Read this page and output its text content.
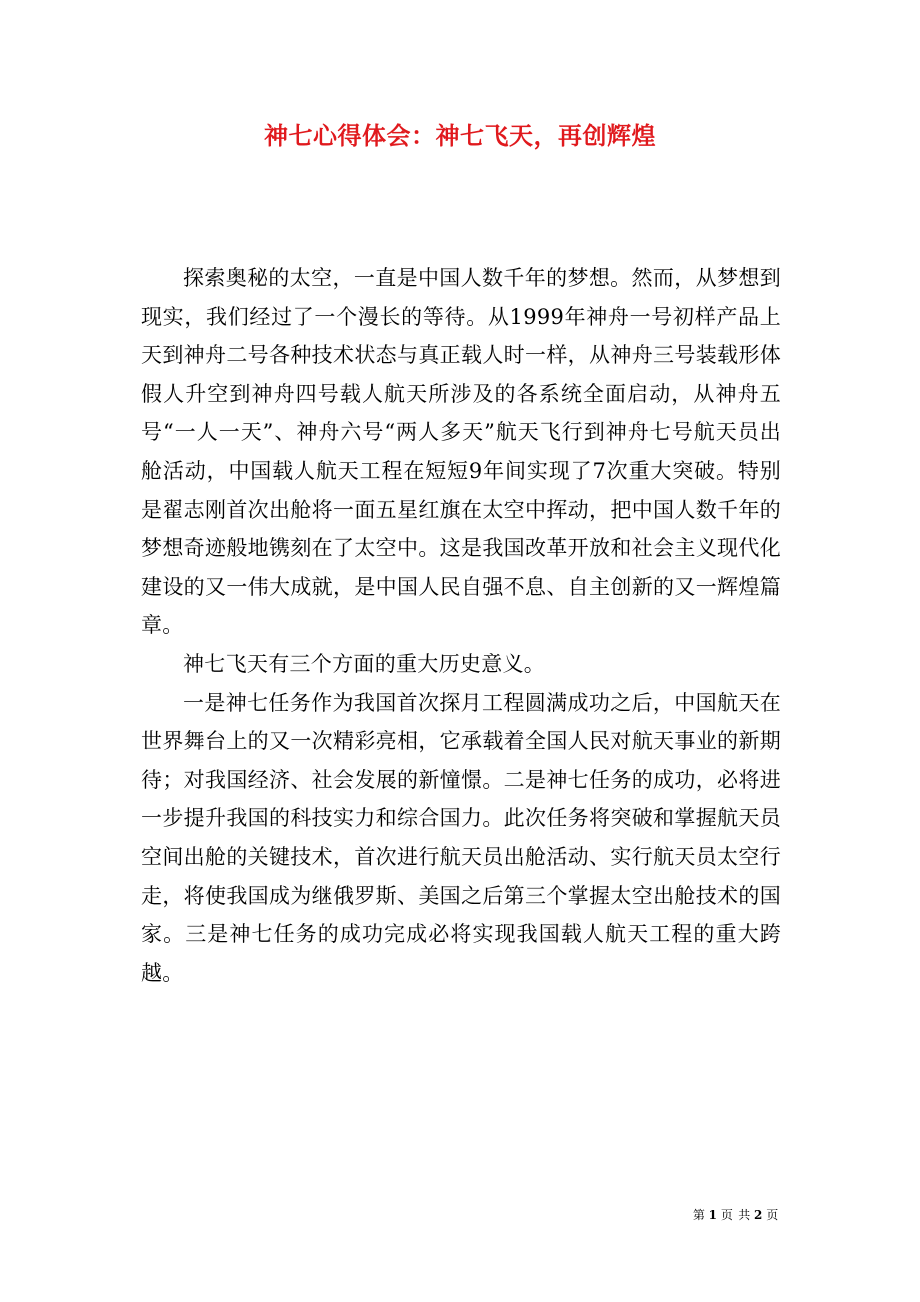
神七心得体会：神七飞天，再创辉煌

探索奥秘的太空，一直是中国人数千年的梦想。然而，从梦想到现实，我们经过了一个漫长的等待。从1999年神舟一号初样产品上天到神舟二号各种技术状态与真正载人时一样，从神舟三号装载形体假人升空到神舟四号载人航天所涉及的各系统全面启动，从神舟五号“一人一天”、神舟六号“两人多天”航天飞行到神舟七号航天员出舱活动，中国载人航天工程在短短9年间实现了7次重大突破。特别是翟志刚首次出舱将一面五星红旗在太空中挥动，把中国人数千年的梦想奇迹般地镌刻在了太空中。这是我国改革开放和社会主义现代化建设的又一伟大成就，是中国人民自强不息、自主创新的又一辉煌篇章。

神七飞天有三个方面的重大历史意义。

一是神七任务作为我国首次探月工程圆满成功之后，中国航天在世界舞台上的又一次精彩亮相，它承载着全国人民对航天事业的新期待；对我国经济、社会发展的新憧憬。二是神七任务的成功，必将进一步提升我国的科技实力和综合国力。此次任务将突破和掌握航天员空间出舱的关键技术，首次进行航天员出舱活动、实行航天员太空行走，将使我国成为继俄罗斯、美国之后第三个掌握太空出舱技术的国家。三是神七任务的成功完成必将实现我国载人航天工程的重大跨越。

第 1 页 共 2 页
